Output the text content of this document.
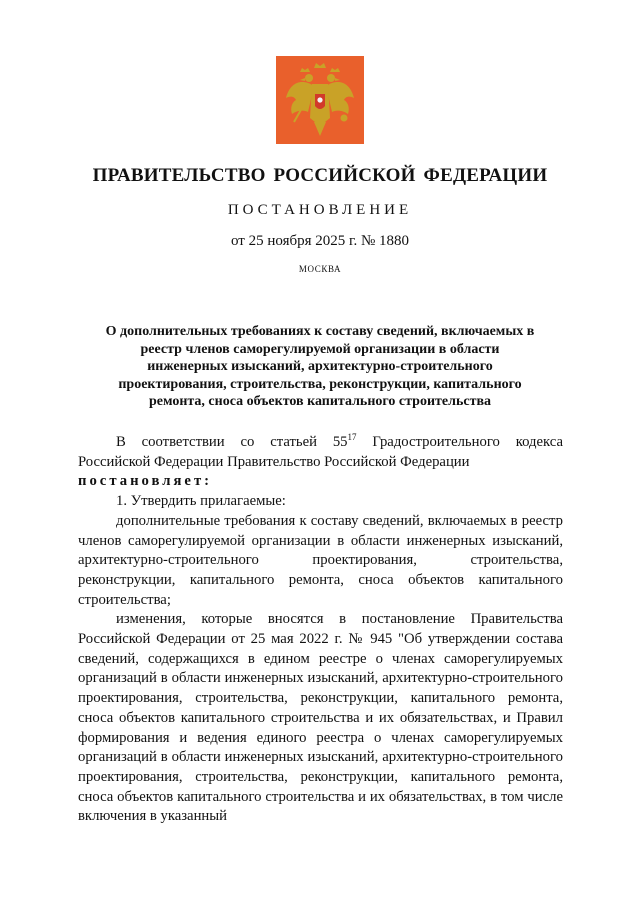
ПРАВИТЕЛЬСТВО РОССИЙСКОЙ ФЕДЕРАЦИИ
ПОСТАНОВЛЕНИЕ
от 25 ноября 2025 г. № 1880
МОСКВА
О дополнительных требованиях к составу сведений, включаемых в реестр членов саморегулируемой организации в области инженерных изысканий, архитектурно-строительного проектирования, строительства, реконструкции, капитального ремонта, сноса объектов капитального строительства

В соответствии со статьей $55^{17}$ Градостроительного кодекса Российской Федерации Правительство Российской Федерации

постановляет:

1. Утвердить прилагаемые:

дополнительные требования к составу сведений, включаемых в реестр членов саморегулируемой организации в области инженерных изысканий, архитектурно-строительного проектирования, строительства, реконструкции, капитального ремонта, сноса объектов капитального строительства;

изменения, которые вносятся в постановление Правительства Российской Федерации от 25 мая 2022 г. № 945 "Об утверждении состава сведений, содержащихся в едином реестре о членах саморегулируемых организаций в области инженерных изысканий, архитектурно-строительного проектирования, строительства, реконструкции, капитального ремонта, сноса объектов капитального строительства и их обязательствах, и Правил формирования и ведения единого реестра о членах саморегулируемых организаций в области инженерных изысканий, архитектурно-строительного проектирования, строительства, реконструкции, капитального ремонта, сноса объектов капитального строительства и их обязательствах, в том числе включения в указанный
